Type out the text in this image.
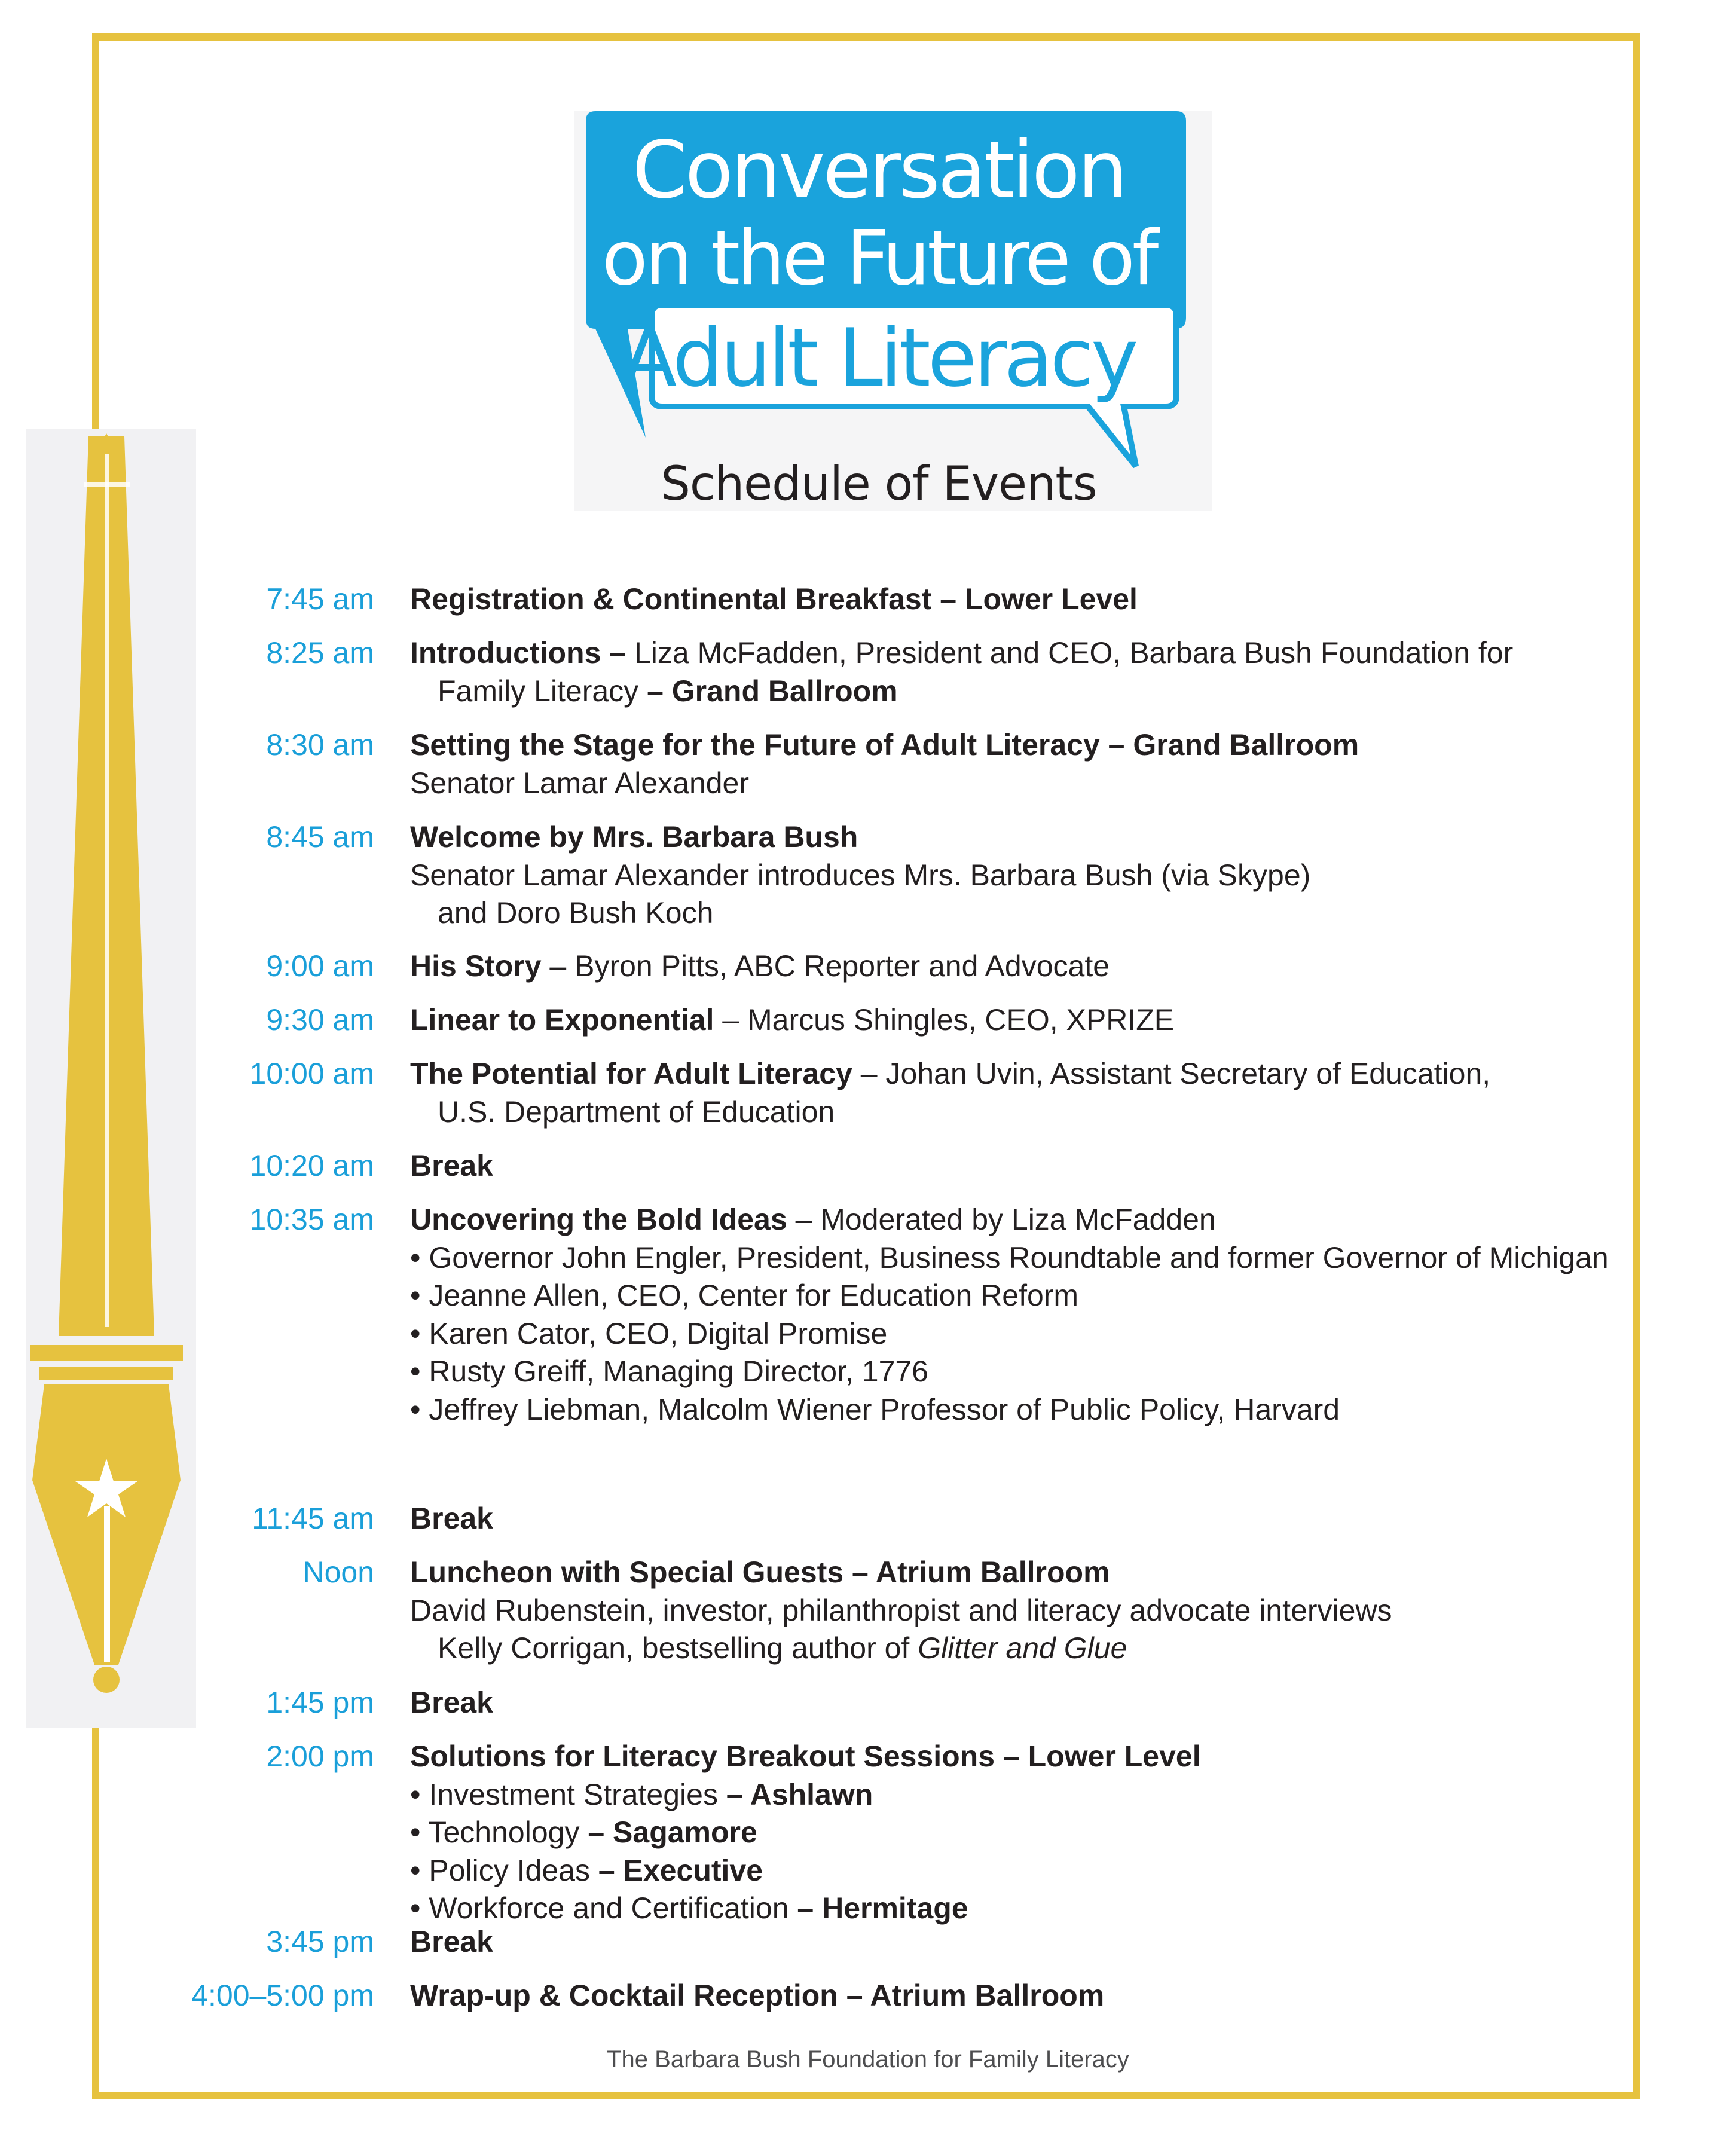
Conversation
on the Future of
Adult Literacy
Schedule of Events
7:45 am Registration & Continental Breakfast – Lower Level
8:25 am Introductions – Liza McFadden, President and CEO, Barbara Bush Foundation for
Family Literacy – Grand Ballroom
8:30 am Setting the Stage for the Future of Adult Literacy – Grand Ballroom
Senator Lamar Alexander
8:45 am Welcome by Mrs. Barbara Bush
Senator Lamar Alexander introduces Mrs. Barbara Bush (via Skype)
and Doro Bush Koch
9:00 am His Story – Byron Pitts, ABC Reporter and Advocate
9:30 am Linear to Exponential – Marcus Shingles, CEO, XPRIZE
10:00 am The Potential for Adult Literacy – Johan Uvin, Assistant Secretary of Education,
U.S. Department of Education
10:20 am Break
10:35 am Uncovering the Bold Ideas – Moderated by Liza McFadden
• Governor John Engler, President, Business Roundtable and former Governor of Michigan
• Jeanne Allen, CEO, Center for Education Reform
• Karen Cator, CEO, Digital Promise
• Rusty Greiff, Managing Director, 1776
• Jeffrey Liebman, Malcolm Wiener Professor of Public Policy, Harvard
11:45 am Break
Noon Luncheon with Special Guests – Atrium Ballroom
David Rubenstein, investor, philanthropist and literacy advocate interviews
Kelly Corrigan, bestselling author of Glitter and Glue
1:45 pm Break
2:00 pm Solutions for Literacy Breakout Sessions – Lower Level
• Investment Strategies – Ashlawn
• Technology – Sagamore
• Policy Ideas – Executive
• Workforce and Certification – Hermitage
3:45 pm Break
4:00–5:00 pm Wrap-up & Cocktail Reception – Atrium Ballroom
The Barbara Bush Foundation for Family Literacy
